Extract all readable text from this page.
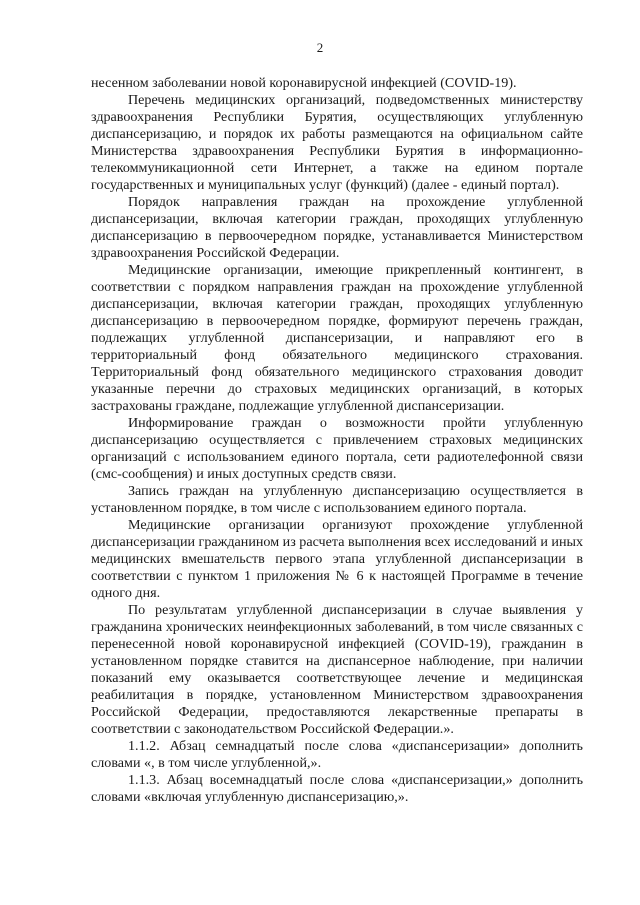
2

несенном заболевании новой коронавирусной инфекцией (COVID-19).

Перечень медицинских организаций, подведомственных министерству здравоохранения Республики Бурятия, осуществляющих углубленную диспансеризацию, и порядок их работы размещаются на официальном сайте Министерства здравоохранения Республики Бурятия в информационно-телекоммуникационной сети Интернет, а также на едином портале государственных и муниципальных услуг (функций) (далее - единый портал).

Порядок направления граждан на прохождение углубленной диспансеризации, включая категории граждан, проходящих углубленную диспансеризацию в первоочередном порядке, устанавливается Министерством здравоохранения Российской Федерации.

Медицинские организации, имеющие прикрепленный контингент, в соответствии с порядком направления граждан на прохождение углубленной диспансеризации, включая категории граждан, проходящих углубленную диспансеризацию в первоочередном порядке, формируют перечень граждан, подлежащих углубленной диспансеризации, и направляют его в территориальный фонд обязательного медицинского страхования. Территориальный фонд обязательного медицинского страхования доводит указанные перечни до страховых медицинских организаций, в которых застрахованы граждане, подлежащие углубленной диспансеризации.

Информирование граждан о возможности пройти углубленную диспансеризацию осуществляется с привлечением страховых медицинских организаций с использованием единого портала, сети радиотелефонной связи (смс-сообщения) и иных доступных средств связи.

Запись граждан на углубленную диспансеризацию осуществляется в установленном порядке, в том числе с использованием единого портала.

Медицинские организации организуют прохождение углубленной диспансеризации гражданином из расчета выполнения всех исследований и иных медицинских вмешательств первого этапа углубленной диспансеризации в соответствии с пунктом 1 приложения № 6 к настоящей Программе в течение одного дня.

По результатам углубленной диспансеризации в случае выявления у гражданина хронических неинфекционных заболеваний, в том числе связанных с перенесенной новой коронавирусной инфекцией (COVID-19), гражданин в установленном порядке ставится на диспансерное наблюдение, при наличии показаний ему оказывается соответствующее лечение и медицинская реабилитация в порядке, установленном Министерством здравоохранения Российской Федерации, предоставляются лекарственные препараты в соответствии с законодательством Российской Федерации.».

1.1.2. Абзац семнадцатый после слова «диспансеризации» дополнить словами «, в том числе углубленной,».

1.1.3. Абзац восемнадцатый после слова «диспансеризации,» дополнить словами «включая углубленную диспансеризацию,».
